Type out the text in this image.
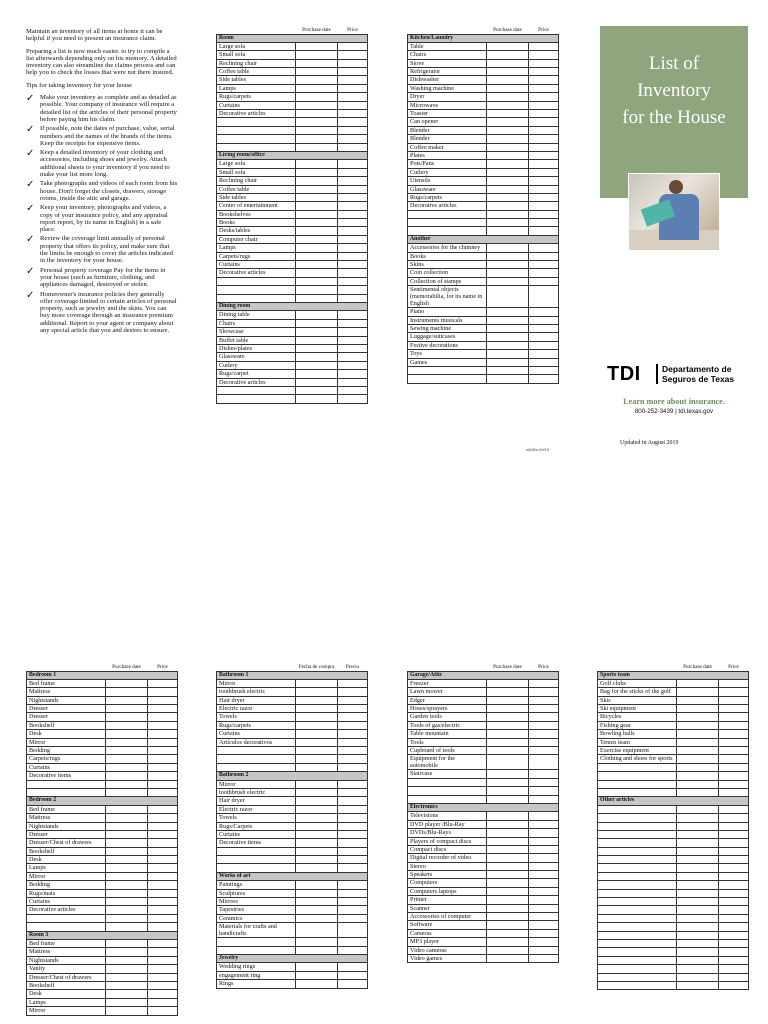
Maintain an inventory of all items at home it can be helpful if you need to present an insurance claim.

Preparing a list is now much easier. to try to compile a list afterwards depending only on his memory. A detailed inventory can also streamline the claims process and can help you to check the losses that were not there insured.

Tips for taking inventory for your house

✓ Make your inventory as complete and as detailed as possible. Your company of insurance will require a detailed list of the articles of their personal property before paying him his claim.
✓ If possible, note the dates of purchase, value, serial numbers and the names of the brands of the items. Keep the receipts for expensive items.
✓ Keep a detailed inventory of your clothing and accessories, including shoes and jewelry. Attach additional sheets to your inventory if you need to make your list more long.
✓ Take photographs and videos of each room from his house. Don't forget the closets, drawers, storage rooms, inside the attic and garage.
✓ Keep your inventory, photographs and videos, a copy of your insurance policy, and any appraisal report report, by its name in English) in a safe place.
✓ Review the coverage limit annually of personal property that offers its policy, and make sure that the limits be enough to cover the articles indicated in the inventory for your house.
✓ Personal property coverage Pay for the items in your house (such as furniture, clothing, and appliances damaged, destroyed or stolen.
✓ Homeowner's insurance policies they generally offer coverage limited to certain articles of personal property, such as jewelry and the skins. You can buy more coverage through an insurance premium additional. Report to your agent or company about any special article that you and desires to ensure.
	Purchase date	Price
Room		
Large sofa		
Small sofa		
Reclining chair		
Coffee table		
Side tables		
Lamps		
Rugs/carpets		
Curtains		
Decorative articles		

Living room/office		
Large sofa		
Small sofa		
Reclining chair		
Coffee table		
Side tables		
Center of entertainment		
Bookshelves		
Books		
Desks/tables		
Computer chair		
Lamps		
Carpets/rugs		
Curtains		
Decorative articles		

Dining room		
Dining table		
Chairs		
Showcase		
Buffet table		
Dishes/plates		
Glassware		
Cutlery		
Rugs/carpet		
Decorative articles		

	Purchase date	Price
Kitchen/Laundry		
Table		
Chairs		
Stove		
Refrigerator		
Dishwasher		
Washing machine		
Dryer		
Microwave		
Toaster		
Can opener		
Blender		
Blender		
Coffee maker		
Plates		
Pots/Pans		
Cutlery		
Utensils		
Glassware		
Rugs/carpets		
Decorative articles		

Another		
Accessories for the chimney		
Books		
Skins		
Coin collection		
Collection of stamps		
Sentimental objects (memorabilia, for its name in English		
Piano		
Instruments musicals		
Sewing machine		
Luggage/suitcases		
Festive decorations		
Toys		
Games		

	Purchase date	Price
Bedroom 1		
Bed frame		
Mattress		
Nightstands		
Dresser		
Dresser		
Bookshelf		
Desk		
Mirror		
Bedding		
Carpets/rugs		
Curtains		
Decorative items		

Bedroom 2		
Bed frame		
Mattress		
Nightstands		
Dresser		
Dresser/Chest of drawers		
Bookshelf		
Desk		
Lamps		
Mirror		
Bedding		
Rugs/mats		
Curtains		
Decorative articles		

Room 3		
Bed frame		
Mattress		
Nightstands		
Vanity		
Dresser/Chest of drawers		
Bookshelf		
Desk		
Lamps		
Mirror		
	Fecha de compra	Precio
Bathroom 1		
Mirror		
toothbrush electric		
Hair dryer		
Electric razor		
Towels		
Rugs/carpets		
Curtains		
Artículos decorativos		

Bathroom 2		
Mirror		
toothbrush electric		
Hair dryer		
Electric razor		
Towels		
Rugs/Carpets		
Curtains		
Decorative items		

Works of art		
Paintings		
Sculptures		
Mirrors		
Tapestries		
Ceramics		
Materials for crafts and handicrafts		

Jewelry		
Wedding rings		
engagement ring		
Rings		
	Purchase date	Price
Garage/Attic		
Freezer		
Lawn mower		
Edger		
Hoses/sprayers		
Garden tools		
Tools of gas/electric		
Table mountain		
Tools		
Cupboard of tools		
Equipment for the automobile		
Staircase		

Electronics		
Televisions		
DVD player /Blu-Ray		
DVDs/Blu-Rays		
Players of compact discs		
Compact discs		
Digital recorder of video		
Stereo		
Speakers		
Computers		
Computers laptops		
Printer		
Scanner		
Accessories of computer		
Software		
Cameras		
MP3 player		
Video cameras		
Video games		
	Purchase date	Price
Sports team		
Golf clubs		
Bag for the sticks of the golf		
Skis		
Ski equipment		
Bicycles		
Fishing gear		
Bowling balls		
Tennis team		
Exercise equipment		
Clothing and shoes for sports		

Other articles		

cl(08/n.09/19
List of
Inventory
for the House
TDI	Departamento de
Seguros de Texas
Learn more about insurance.
800-252-3439 | tdi.texas.gov
Updated in August 2019
